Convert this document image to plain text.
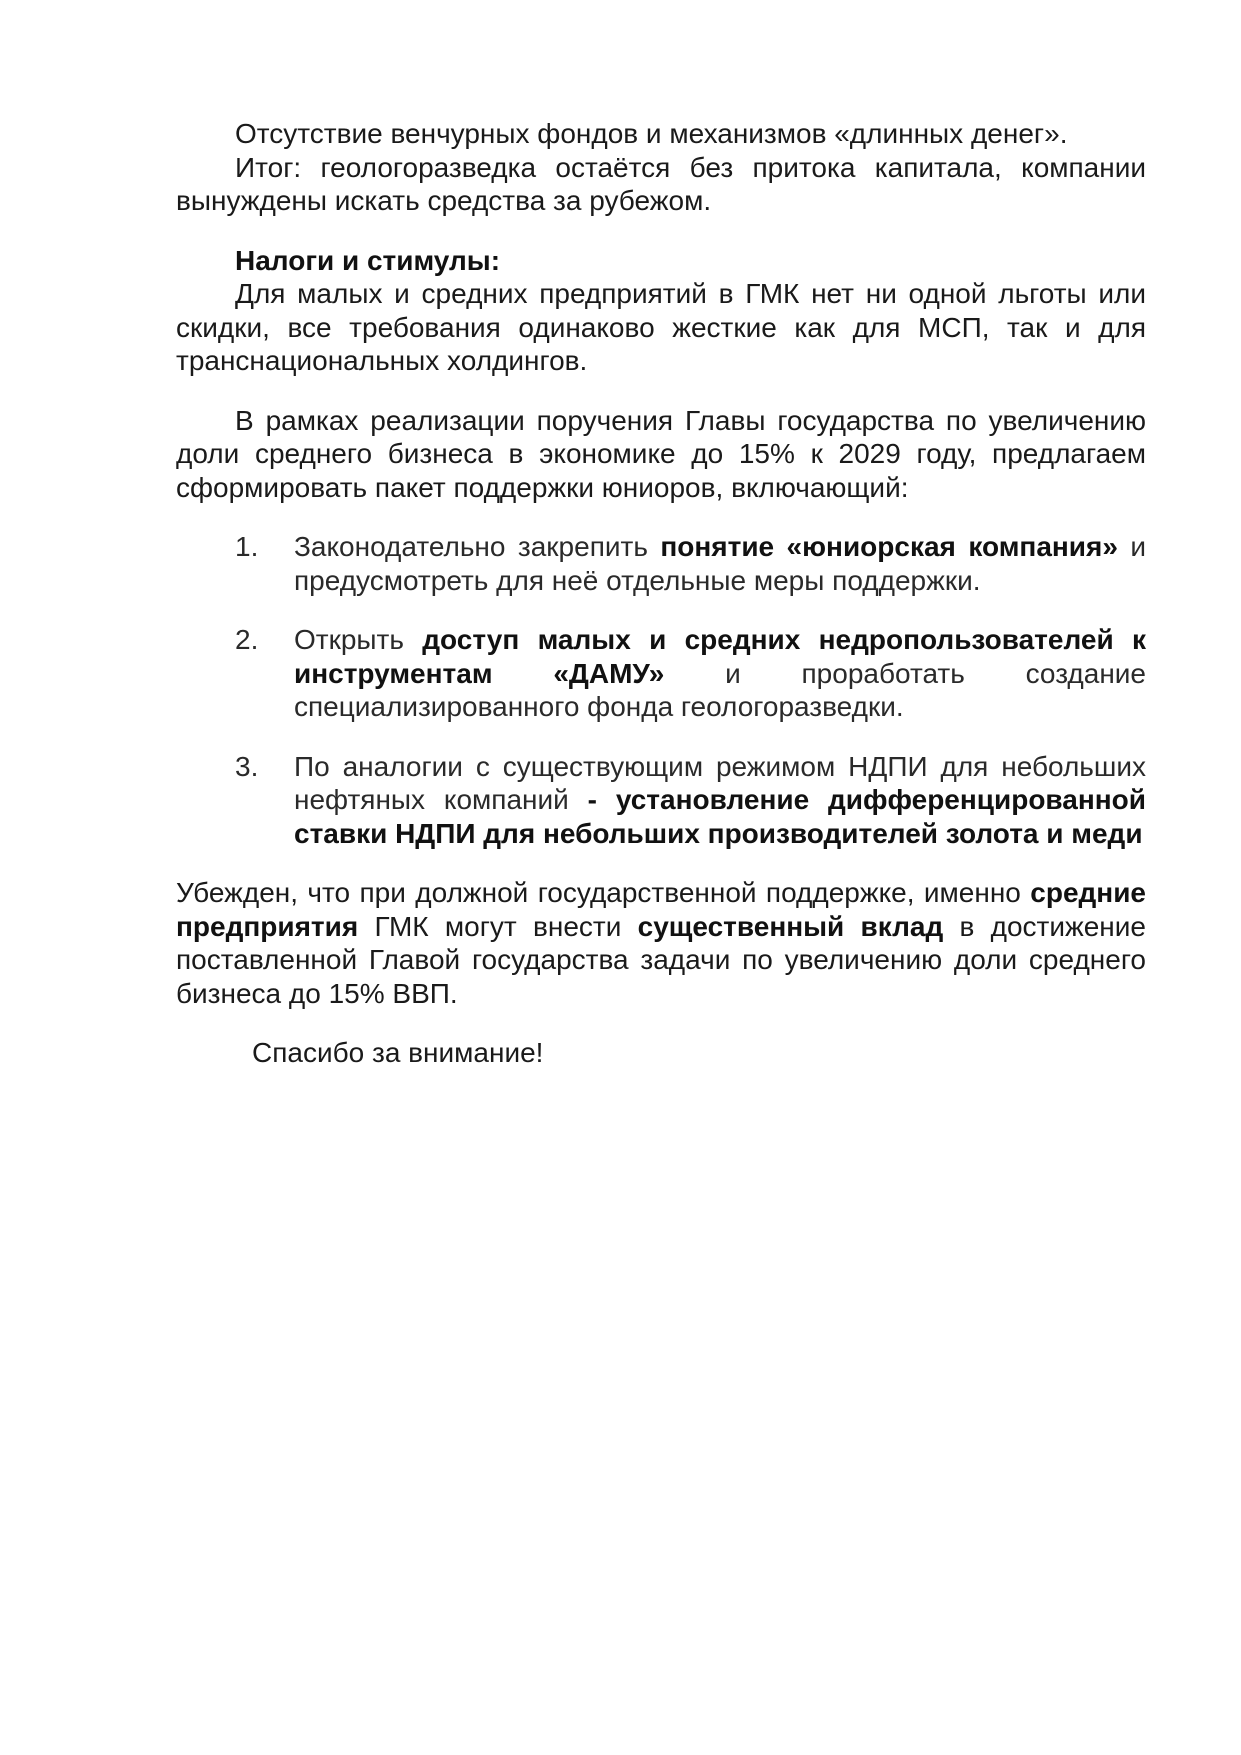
Отсутствие венчурных фондов и механизмов «длинных денег».

Итог: геологоразведка остаётся без притока капитала, компании вынуждены искать средства за рубежом.

Налоги и стимулы:

Для малых и средних предприятий в ГМК нет ни одной льготы или скидки, все требования одинаково жесткие как для МСП, так и для транснациональных холдингов.

В рамках реализации поручения Главы государства по увеличению доли среднего бизнеса в экономике до 15% к 2029 году, предлагаем сформировать пакет поддержки юниоров, включающий:

1. Законодательно закрепить понятие «юниорская компания» и предусмотреть для неё отдельные меры поддержки.

2. Открыть доступ малых и средних недропользователей к инструментам «ДАМУ» и проработать создание специализированного фонда геологоразведки.

3. По аналогии с существующим режимом НДПИ для небольших нефтяных компаний - установление дифференцированной ставки НДПИ для небольших производителей золота и меди

Убежден, что при должной государственной поддержке, именно средние предприятия ГМК могут внести существенный вклад в достижение поставленной Главой государства задачи по увеличению доли среднего бизнеса до 15% ВВП.

Спасибо за внимание!
